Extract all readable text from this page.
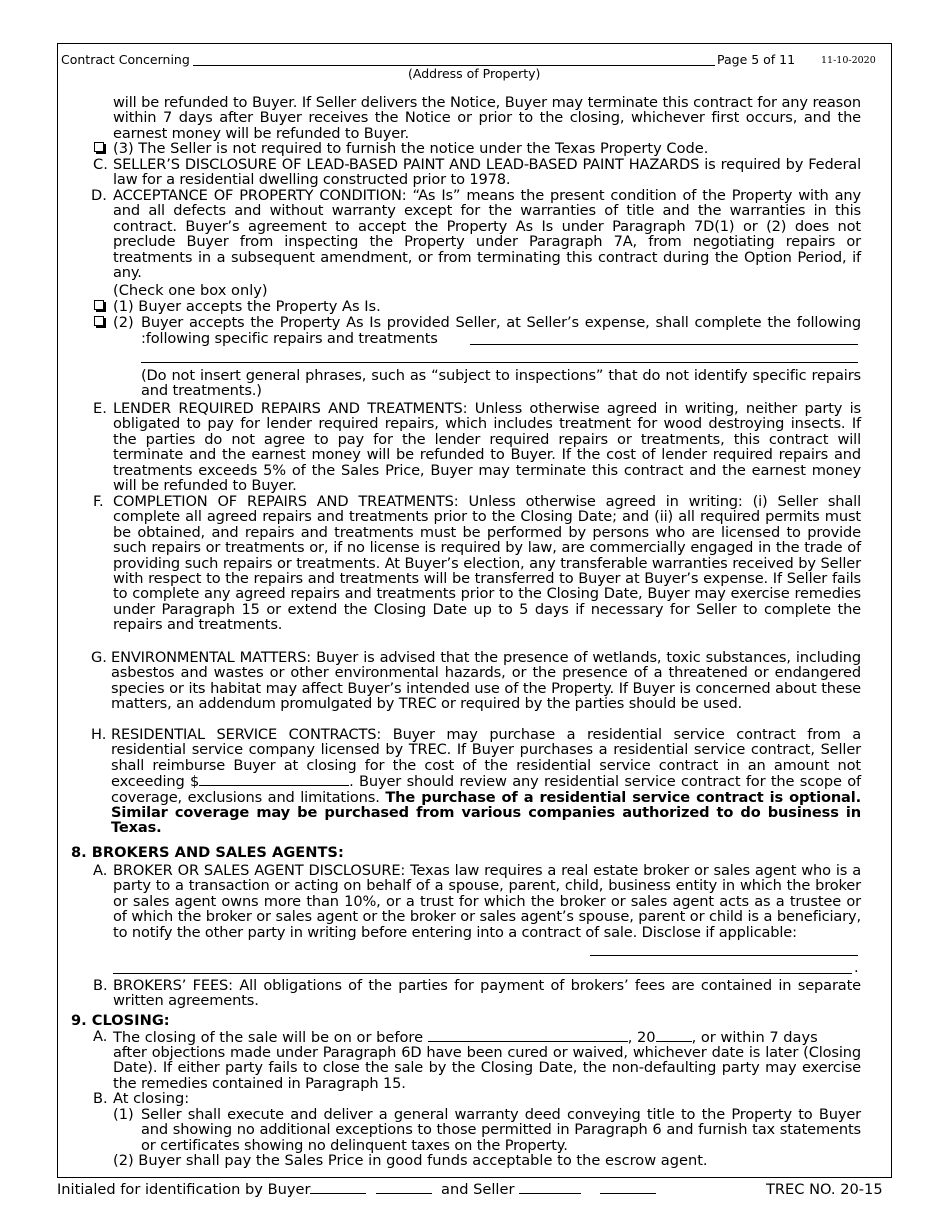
Contract Concerning
(Address of Property)
Page 5 of 11	11-10-2020
will be refunded to Buyer. If Seller delivers the Notice, Buyer may terminate this contract for any reason within 7 days after Buyer receives the Notice or prior to the closing, whichever first occurs, and the earnest money will be refunded to Buyer.
(3) The Seller is not required to furnish the notice under the Texas Property Code.
C. SELLER’S DISCLOSURE OF LEAD-BASED PAINT AND LEAD-BASED PAINT HAZARDS is required by Federal law for a residential dwelling constructed prior to 1978.
D. ACCEPTANCE OF PROPERTY CONDITION: “As Is” means the present condition of the Property with any and all defects and without warranty except for the warranties of title and the warranties in this contract. Buyer’s agreement to accept the Property As Is under Paragraph 7D(1) or (2) does not preclude Buyer from inspecting the Property under Paragraph 7A, from negotiating repairs or treatments in a subsequent amendment, or from terminating this contract during the Option Period, if any.
(Check one box only)
(1) Buyer accepts the Property As Is.
(2) Buyer accepts the Property As Is provided Seller, at Seller’s expense, shall complete the following
following specific repairs and treatments:
(Do not insert general phrases, such as “subject to inspections” that do not identify specific repairs and treatments.)
E. LENDER REQUIRED REPAIRS AND TREATMENTS: Unless otherwise agreed in writing, neither party is obligated to pay for lender required repairs, which includes treatment for wood destroying insects. If the parties do not agree to pay for the lender required repairs or treatments, this contract will terminate and the earnest money will be refunded to Buyer. If the cost of lender required repairs and treatments exceeds 5% of the Sales Price, Buyer may terminate this contract and the earnest money will be refunded to Buyer.
F. COMPLETION OF REPAIRS AND TREATMENTS: Unless otherwise agreed in writing: (i) Seller shall complete all agreed repairs and treatments prior to the Closing Date; and (ii) all required permits must be obtained, and repairs and treatments must be performed by persons who are licensed to provide such repairs or treatments or, if no license is required by law, are commercially engaged in the trade of providing such repairs or treatments. At Buyer’s election, any transferable warranties received by Seller with respect to the repairs and treatments will be transferred to Buyer at Buyer’s expense. If Seller fails to complete any agreed repairs and treatments prior to the Closing Date, Buyer may exercise remedies under Paragraph 15 or extend the Closing Date up to 5 days if necessary for Seller to complete the repairs and treatments.
G. ENVIRONMENTAL MATTERS: Buyer is advised that the presence of wetlands, toxic substances, including asbestos and wastes or other environmental hazards, or the presence of a threatened or endangered species or its habitat may affect Buyer’s intended use of the Property. If Buyer is concerned about these matters, an addendum promulgated by TREC or required by the parties should be used.
H. RESIDENTIAL SERVICE CONTRACTS: Buyer may purchase a residential service contract from a residential service company licensed by TREC. If Buyer purchases a residential service contract, Seller shall reimburse Buyer at closing for the cost of the residential service contract in an amount not exceeding $	. Buyer should review any residential service contract for the scope of coverage, exclusions and limitations. The purchase of a residential service contract is optional. Similar coverage may be purchased from various companies authorized to do business in Texas.
8. BROKERS AND SALES AGENTS:
A. BROKER OR SALES AGENT DISCLOSURE: Texas law requires a real estate broker or sales agent who is a party to a transaction or acting on behalf of a spouse, parent, child, business entity in which the broker or sales agent owns more than 10%, or a trust for which the broker or sales agent acts as a trustee or of which the broker or sales agent or the broker or sales agent’s spouse, parent or child is a beneficiary, to notify the other party in writing before entering into a contract of sale. Disclose if applicable:
.
B. BROKERS’ FEES: All obligations of the parties for payment of brokers’ fees are contained in separate written agreements.
9. CLOSING:
A. The closing of the sale will be on or before	, 20 , or within 7 days
after objections made under Paragraph 6D have been cured or waived, whichever date is later (Closing Date). If either party fails to close the sale by the Closing Date, the non-defaulting party may exercise the remedies contained in Paragraph 15.
B. At closing:
(1) Seller shall execute and deliver a general warranty deed conveying title to the Property to Buyer and showing no additional exceptions to those permitted in Paragraph 6 and furnish tax statements or certificates showing no delinquent taxes on the Property.
(2) Buyer shall pay the Sales Price in good funds acceptable to the escrow agent.
Initialed for identification by Buyer	and Seller	TREC NO. 20-15
